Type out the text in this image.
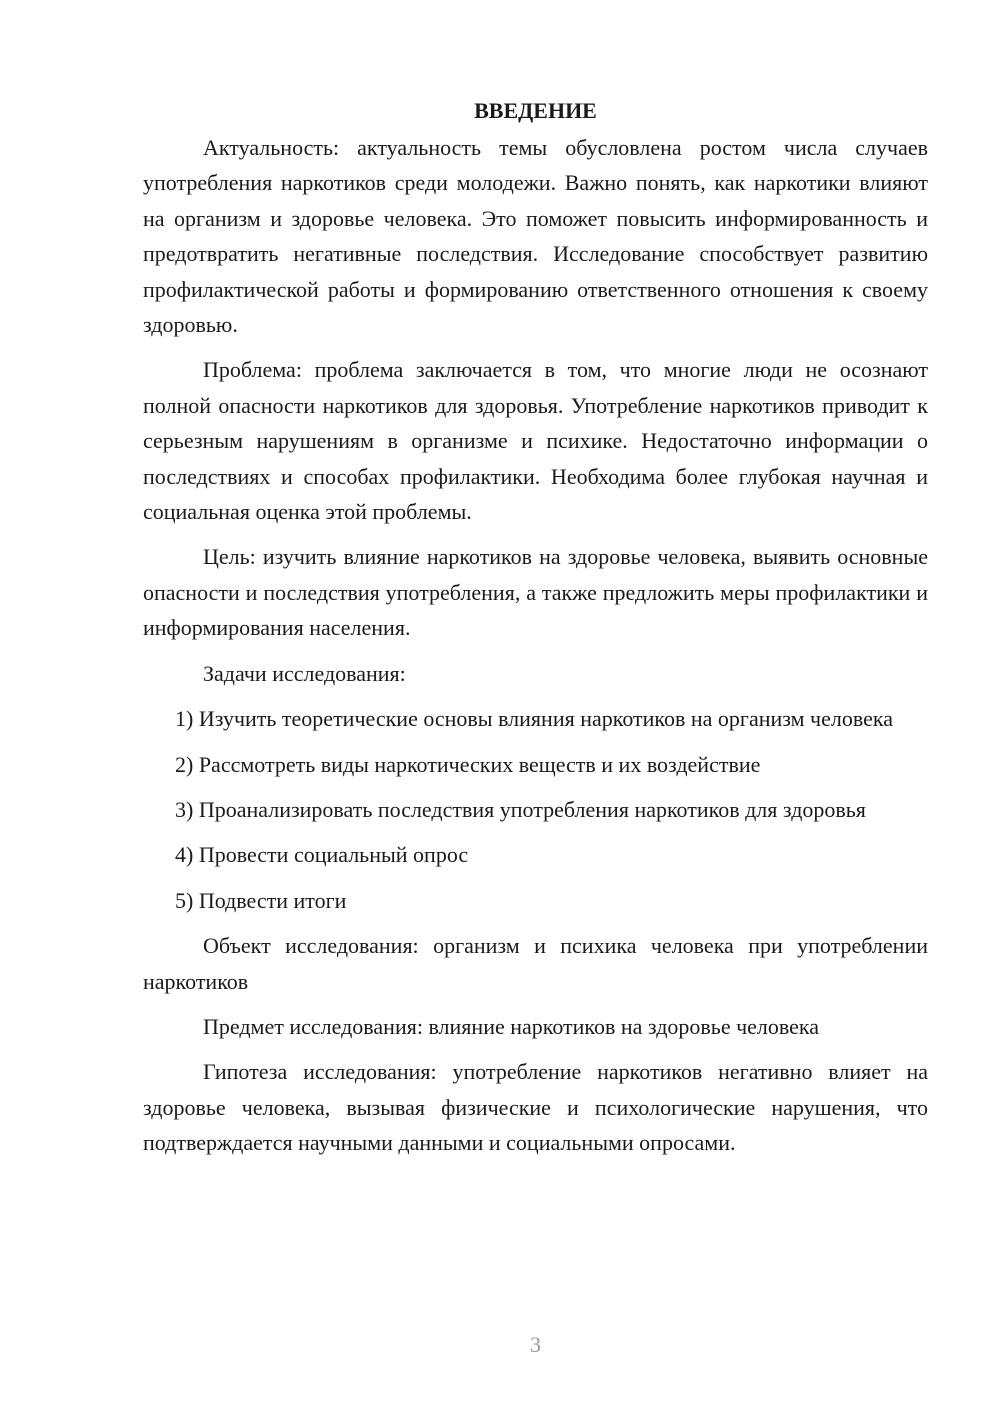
ВВЕДЕНИЕ

Актуальность: актуальность темы обусловлена ростом числа случаев употребления наркотиков среди молодежи. Важно понять, как наркотики влияют на организм и здоровье человека. Это поможет повысить информированность и предотвратить негативные последствия. Исследование способствует развитию профилактической работы и формированию ответственного отношения к своему здоровью.

Проблема: проблема заключается в том, что многие люди не осознают полной опасности наркотиков для здоровья. Употребление наркотиков приводит к серьезным нарушениям в организме и психике. Недостаточно информации о последствиях и способах профилактики. Необходима более глубокая научная и социальная оценка этой проблемы.

Цель: изучить влияние наркотиков на здоровье человека, выявить основные опасности и последствия употребления, а также предложить меры профилактики и информирования населения.

Задачи исследования:

1) Изучить теоретические основы влияния наркотиков на организм человека

2) Рассмотреть виды наркотических веществ и их воздействие

3) Проанализировать последствия употребления наркотиков для здоровья

4) Провести социальный опрос

5) Подвести итоги

Объект исследования: организм и психика человека при употреблении наркотиков

Предмет исследования: влияние наркотиков на здоровье человека

Гипотеза исследования: употребление наркотиков негативно влияет на здоровье человека, вызывая физические и психологические нарушения, что подтверждается научными данными и социальными опросами.

3
